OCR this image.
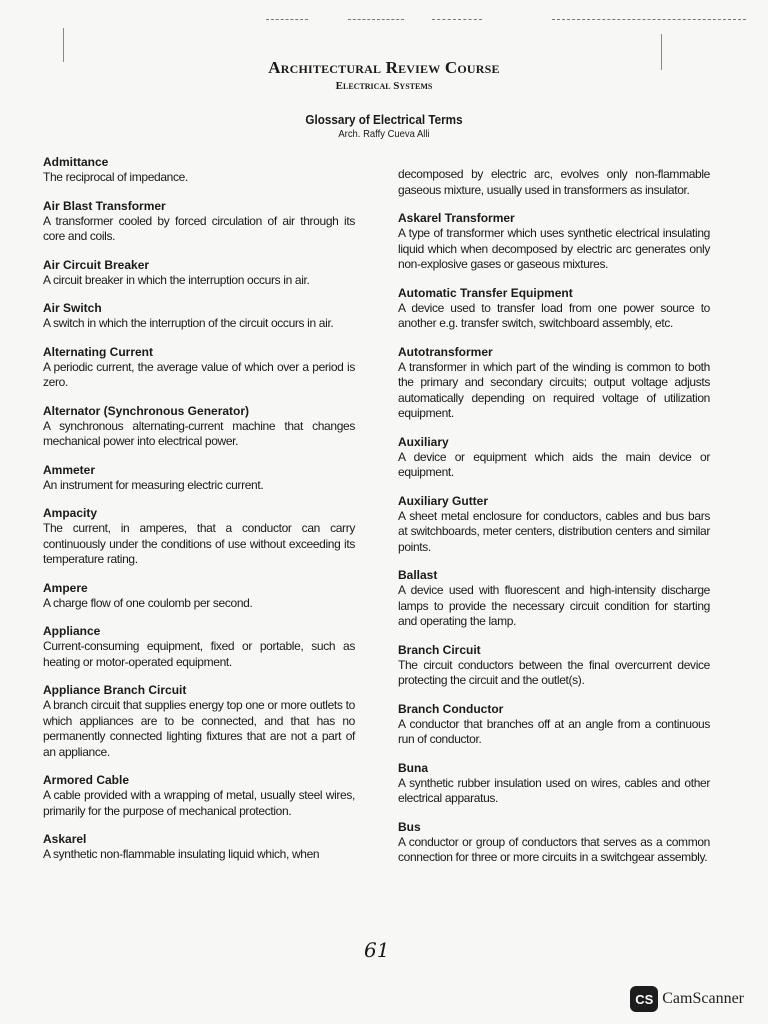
Architectural Review Course
Electrical Systems
Glossary of Electrical Terms
Arch. Raffy Cueva Alli
Admittance
The reciprocal of impedance.
Air Blast Transformer
A transformer cooled by forced circulation of air through its core and coils.
Air Circuit Breaker
A circuit breaker in which the interruption occurs in air.
Air Switch
A switch in which the interruption of the circuit occurs in air.
Alternating Current
A periodic current, the average value of which over a period is zero.
Alternator (Synchronous Generator)
A synchronous alternating-current machine that changes mechanical power into electrical power.
Ammeter
An instrument for measuring electric current.
Ampacity
The current, in amperes, that a conductor can carry continuously under the conditions of use without exceeding its temperature rating.
Ampere
A charge flow of one coulomb per second.
Appliance
Current-consuming equipment, fixed or portable, such as heating or motor-operated equipment.
Appliance Branch Circuit
A branch circuit that supplies energy top one or more outlets to which appliances are to be connected, and that has no permanently connected lighting fixtures that are not a part of an appliance.
Armored Cable
A cable provided with a wrapping of metal, usually steel wires, primarily for the purpose of mechanical protection.
Askarel
A synthetic non-flammable insulating liquid which, when
decomposed by electric arc, evolves only non-flammable gaseous mixture, usually used in transformers as insulator.
Askarel Transformer
A type of transformer which uses synthetic electrical insulating liquid which when decomposed by electric arc generates only non-explosive gases or gaseous mixtures.
Automatic Transfer Equipment
A device used to transfer load from one power source to another e.g. transfer switch, switchboard assembly, etc.
Autotransformer
A transformer in which part of the winding is common to both the primary and secondary circuits; output voltage adjusts automatically depending on required voltage of utilization equipment.
Auxiliary
A device or equipment which aids the main device or equipment.
Auxiliary Gutter
A sheet metal enclosure for conductors, cables and bus bars at switchboards, meter centers, distribution centers and similar points.
Ballast
A device used with fluorescent and high-intensity discharge lamps to provide the necessary circuit condition for starting and operating the lamp.
Branch Circuit
The circuit conductors between the final overcurrent device protecting the circuit and the outlet(s).
Branch Conductor
A conductor that branches off at an angle from a continuous run of conductor.
Buna
A synthetic rubber insulation used on wires, cables and other electrical apparatus.
Bus
A conductor or group of conductors that serves as a common connection for three or more circuits in a switchgear assembly.
61
CS CamScanner
